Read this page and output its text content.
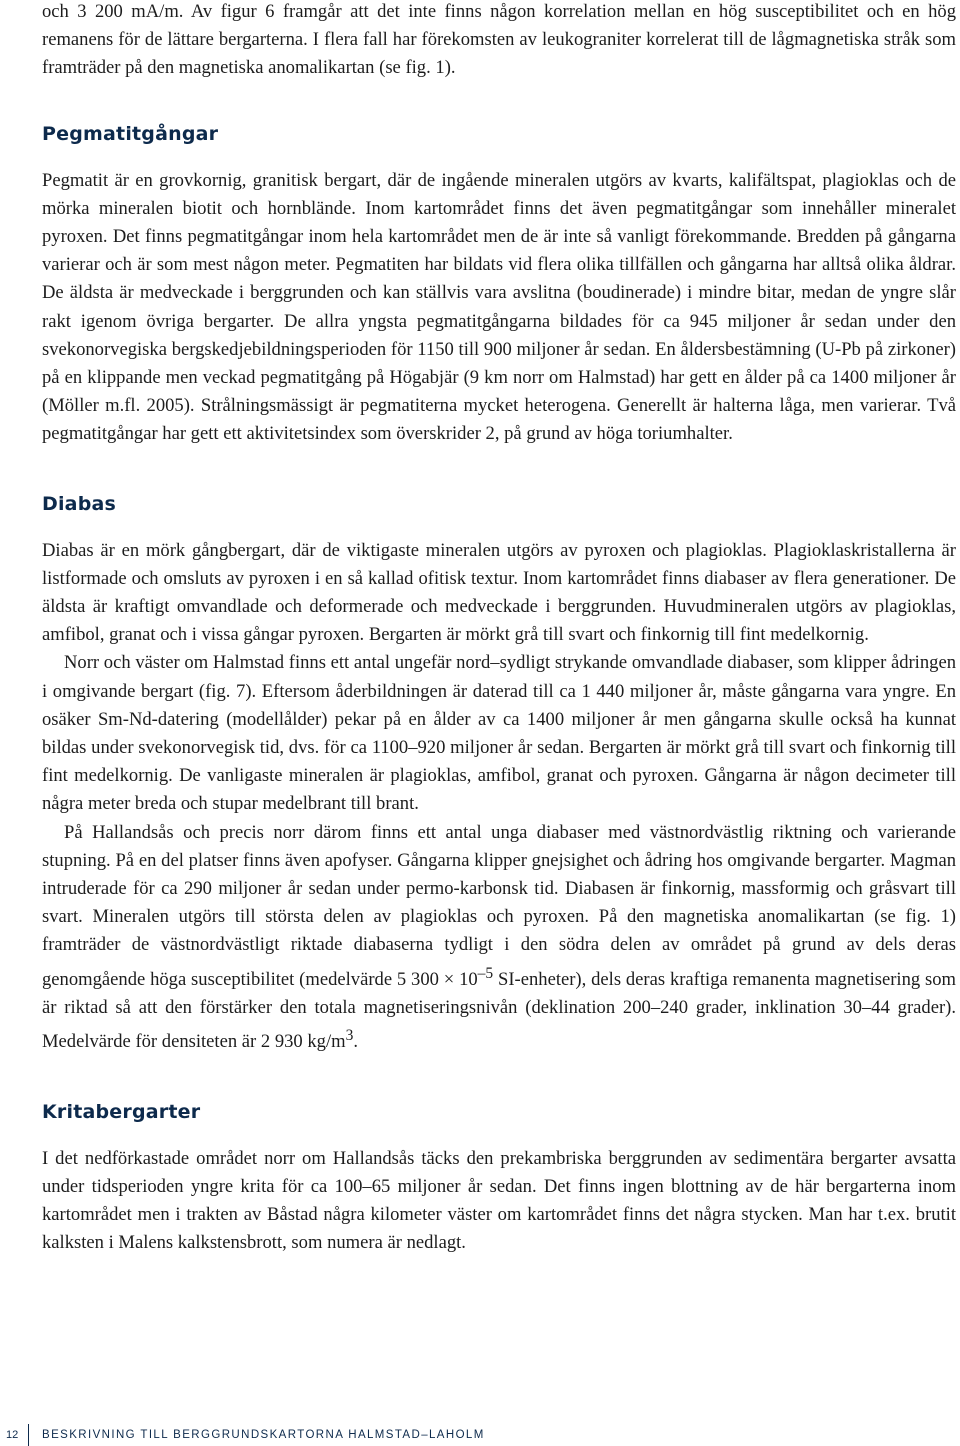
och 3 200 mA/m. Av figur 6 framgår att det inte finns någon korrelation mellan en hög susceptibilitet och en hög remanens för de lättare bergarterna. I flera fall har förekomsten av leukograniter korrelerat till de lågmagnetiska stråk som framträder på den magnetiska anomalikartan (se fig. 1).

Pegmatitgångar

Pegmatit är en grovkornig, granitisk bergart, där de ingående mineralen utgörs av kvarts, kalifältspat, plagioklas och de mörka mineralen biotit och hornblände. Inom kartområdet finns det även pegmatitgångar som innehåller mineralet pyroxen. Det finns pegmatitgångar inom hela kartområdet men de är inte så vanligt förekommande. Bredden på gångarna varierar och är som mest någon meter. Pegmatiten har bildats vid flera olika tillfällen och gångarna har alltså olika åldrar. De äldsta är medveckade i berggrunden och kan ställvis vara avslitna (boudinerade) i mindre bitar, medan de yngre slår rakt igenom övriga bergarter. De allra yngsta pegmatitgångarna bildades för ca 945 miljoner år sedan under den svekonorvegiska bergskedjebildningsperioden för 1150 till 900 miljoner år sedan. En åldersbestämning (U-Pb på zirkoner) på en klippande men veckad pegmatitgång på Högabjär (9 km norr om Halmstad) har gett en ålder på ca 1400 miljoner år (Möller m.fl. 2005). Strålningsmässigt är pegmatiterna mycket heterogena. Generellt är halterna låga, men varierar. Två pegmatitgångar har gett ett aktivitetsindex som överskrider 2, på grund av höga toriumhalter.

Diabas

Diabas är en mörk gångbergart, där de viktigaste mineralen utgörs av pyroxen och plagioklas. Plagioklaskristallerna är listformade och omsluts av pyroxen i en så kallad ofitisk textur. Inom kartområdet finns diabaser av flera generationer. De äldsta är kraftigt omvandlade och deformerade och medveckade i berggrunden. Huvudmineralen utgörs av plagioklas, amfibol, granat och i vissa gångar pyroxen. Bergarten är mörkt grå till svart och finkornig till fint medelkornig.

Norr och väster om Halmstad finns ett antal ungefär nord–sydligt strykande omvandlade diabaser, som klipper ådringen i omgivande bergart (fig. 7). Eftersom åderbildningen är daterad till ca 1 440 miljoner år, måste gångarna vara yngre. En osäker Sm-Nd-datering (modellålder) pekar på en ålder av ca 1400 miljoner år men gångarna skulle också ha kunnat bildas under svekonorvegisk tid, dvs. för ca 1100–920 miljoner år sedan. Bergarten är mörkt grå till svart och finkornig till fint medelkornig. De vanligaste mineralen är plagioklas, amfibol, granat och pyroxen. Gångarna är någon decimeter till några meter breda och stupar medelbrant till brant.

På Hallandsås och precis norr därom finns ett antal unga diabaser med västnordvästlig riktning och varierande stupning. På en del platser finns även apofyser. Gångarna klipper gnejsighet och ådring hos omgivande bergarter. Magman intruderade för ca 290 miljoner år sedan under permo-karbonsk tid. Diabasen är finkornig, massformig och gråsvart till svart. Mineralen utgörs till största delen av plagioklas och pyroxen. På den magnetiska anomalikartan (se fig. 1) framträder de västnordvästligt riktade diabaserna tydligt i den södra delen av området på grund av dels deras genomgående höga susceptibilitet (medelvärde 5 $300 \times 10^{-5}$ SI-enheter), dels deras kraftiga remanenta magnetisering som är riktad så att den förstärker den totala magnetiseringsnivån (deklination 200–240 grader, inklination 30–44 grader). Medelvärde för densiteten är 2 930 $kg/m^3$.

Kritabergarter

I det nedförkastade området norr om Hallandsås täcks den prekambriska berggrunden av sedimentära bergarter avsatta under tidsperioden yngre krita för ca 100–65 miljoner år sedan. Det finns ingen blottning av de här bergarterna inom kartområdet men i trakten av Båstad några kilometer väster om kartområdet finns det några stycken. Man har t.ex. brutit kalksten i Malens kalkstensbrott, som numera är nedlagt.

12 BESKRIVNING TILL BERGGRUNDSKARTORNA HALMSTAD–LAHOLM
